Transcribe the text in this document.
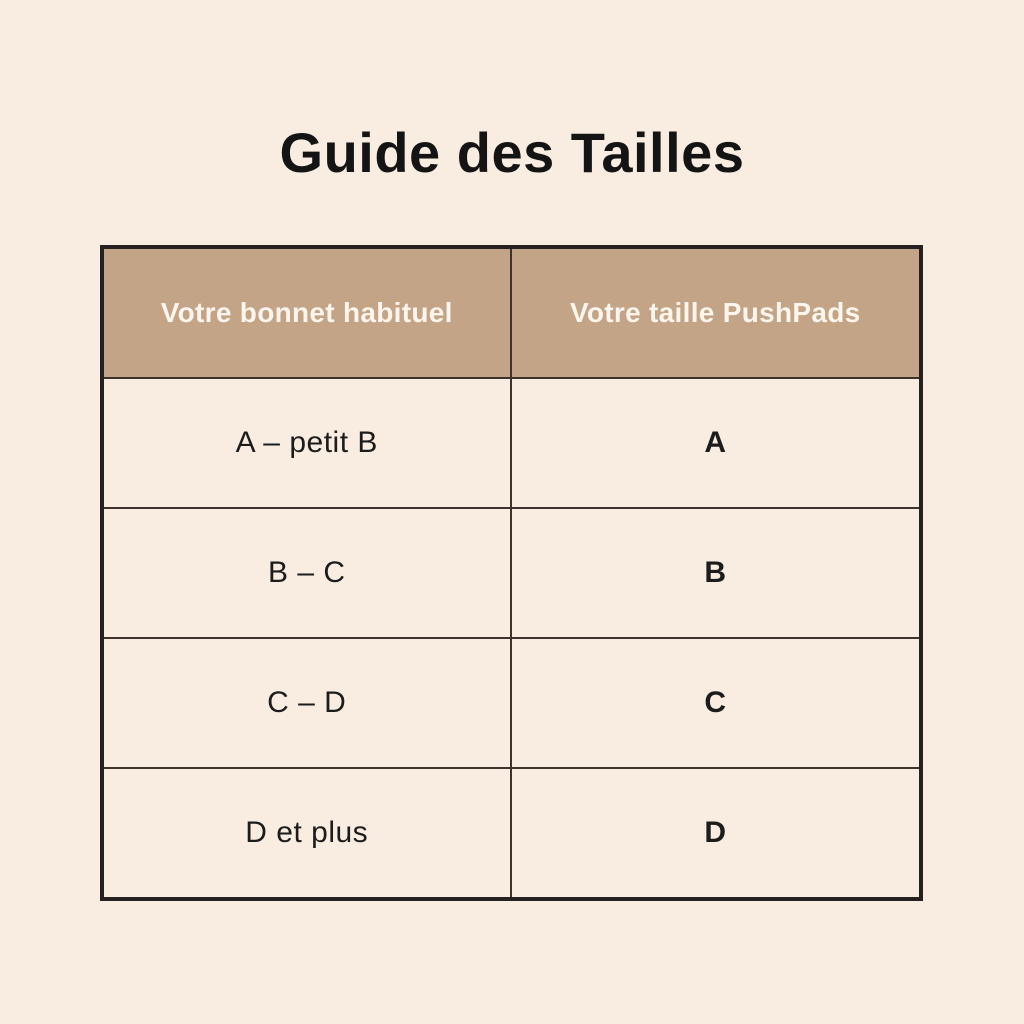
Guide des Tailles
Votre bonnet habituel	Votre taille PushPads
A – petit B	A
B – C	B
C – D	C
D et plus	D
